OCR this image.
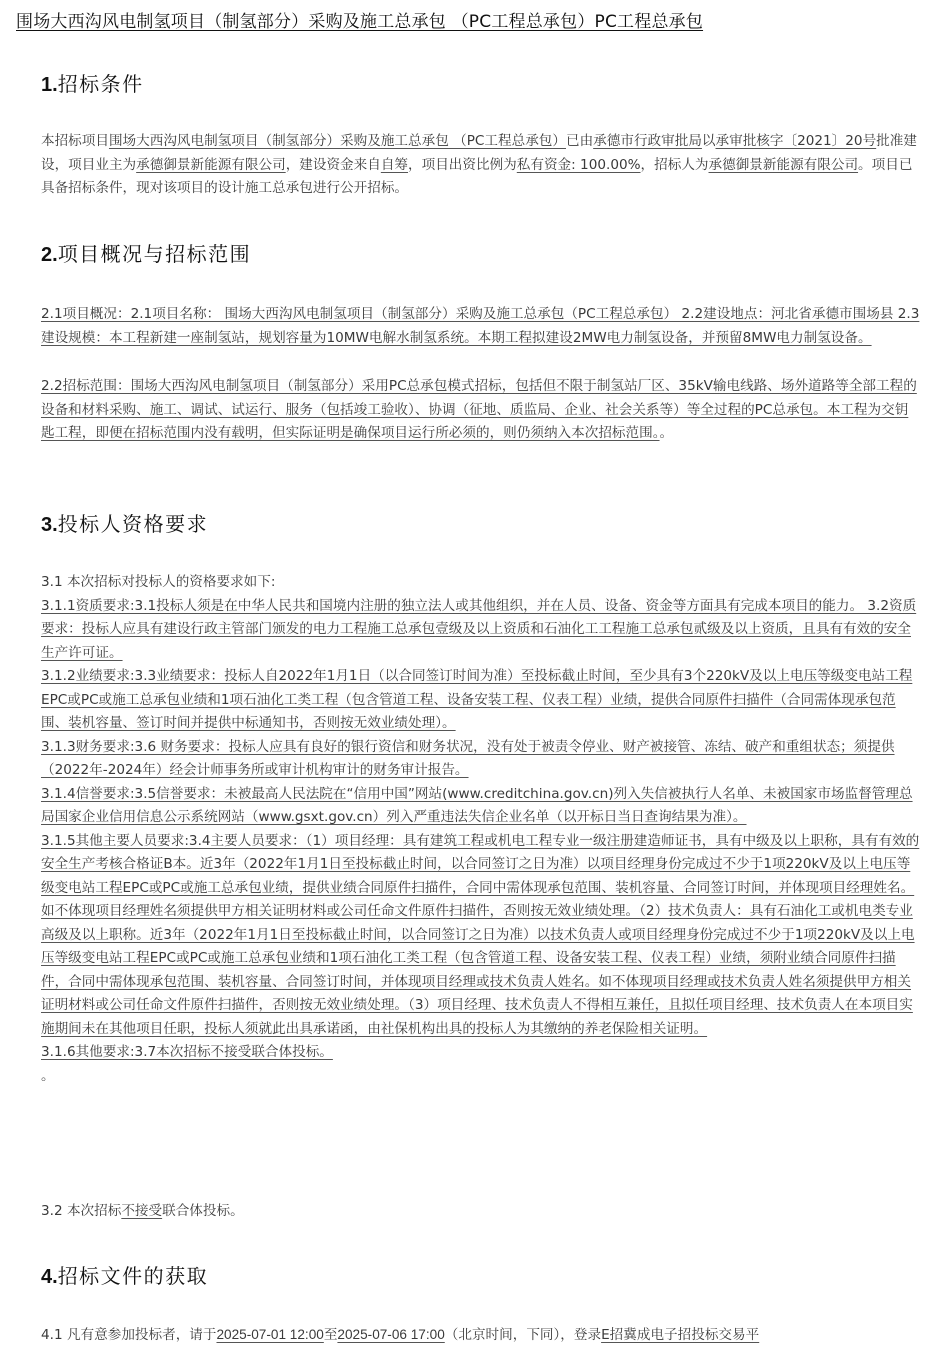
围场大西沟风电制氢项目（制氢部分）采购及施工总承包 （PC工程总承包）PC工程总承包
1.招标条件
本招标项目围场大西沟风电制氢项目（制氢部分）采购及施工总承包 （PC工程总承包）已由承德市行政审批局以承审批核字〔2021〕20号批准建设，项目业主为承德御景新能源有限公司，建设资金来自自筹，项目出资比例为私有资金: 100.00%，招标人为承德御景新能源有限公司。项目已具备招标条件，现对该项目的设计施工总承包进行公开招标。
2.项目概况与招标范围
2.1项目概况：2.1项目名称： 围场大西沟风电制氢项目（制氢部分）采购及施工总承包（PC工程总承包） 2.2建设地点：河北省承德市围场县 2.3建设规模：本工程新建一座制氢站，规划容量为10MW电解水制氢系统。本期工程拟建设2MW电力制氢设备，并预留8MW电力制氢设备。
2.2招标范围：围场大西沟风电制氢项目（制氢部分）采用PC总承包模式招标，包括但不限于制氢站厂区、35kV输电线路、场外道路等全部工程的设备和材料采购、施工、调试、试运行、服务（包括竣工验收）、协调（征地、质监局、企业、社会关系等）等全过程的PC总承包。本工程为交钥匙工程，即便在招标范围内没有载明，但实际证明是确保项目运行所必须的，则仍须纳入本次招标范围。。
3.投标人资格要求
3.1 本次招标对投标人的资格要求如下:
3.1.1资质要求:3.1投标人须是在中华人民共和国境内注册的独立法人或其他组织，并在人员、设备、资金等方面具有完成本项目的能力。 3.2资质要求：投标人应具有建设行政主管部门颁发的电力工程施工总承包壹级及以上资质和石油化工工程施工总承包贰级及以上资质，且具有有效的安全生产许可证。
3.1.2业绩要求:3.3业绩要求：投标人自2022年1月1日（以合同签订时间为准）至投标截止时间，至少具有3个220kV及以上电压等级变电站工程EPC或PC或施工总承包业绩和1项石油化工类工程（包含管道工程、设备安装工程、仪表工程）业绩，提供合同原件扫描件（合同需体现承包范围、装机容量、签订时间并提供中标通知书，否则按无效业绩处理）。
3.1.3财务要求:3.6 财务要求：投标人应具有良好的银行资信和财务状况，没有处于被责令停业、财产被接管、冻结、破产和重组状态；须提供（2022年-2024年）经会计师事务所或审计机构审计的财务审计报告。
3.1.4信誉要求:3.5信誉要求：未被最高人民法院在“信用中国”网站(www.creditchina.gov.cn)列入失信被执行人名单、未被国家市场监督管理总局国家企业信用信息公示系统网站（www.gsxt.gov.cn）列入严重违法失信企业名单（以开标日当日查询结果为准）。
3.1.5其他主要人员要求:3.4主要人员要求：（1）项目经理：具有建筑工程或机电工程专业一级注册建造师证书，具有中级及以上职称，具有有效的安全生产考核合格证B本。近3年（2022年1月1日至投标截止时间，以合同签订之日为准）以项目经理身份完成过不少于1项220kV及以上电压等级变电站工程EPC或PC或施工总承包业绩，提供业绩合同原件扫描件，合同中需体现承包范围、装机容量、合同签订时间，并体现项目经理姓名。如不体现项目经理姓名须提供甲方相关证明材料或公司任命文件原件扫描件，否则按无效业绩处理。（2）技术负责人：具有石油化工或机电类专业高级及以上职称。近3年（2022年1月1日至投标截止时间，以合同签订之日为准）以技术负责人或项目经理身份完成过不少于1项220kV及以上电压等级变电站工程EPC或PC或施工总承包业绩和1项石油化工类工程（包含管道工程、设备安装工程、仪表工程）业绩，须附业绩合同原件扫描件，合同中需体现承包范围、装机容量、合同签订时间，并体现项目经理或技术负责人姓名。如不体现项目经理或技术负责人姓名须提供甲方相关证明材料或公司任命文件原件扫描件，否则按无效业绩处理。（3）项目经理、技术负责人不得相互兼任，且拟任项目经理、技术负责人在本项目实施期间未在其他项目任职，投标人须就此出具承诺函，由社保机构出具的投标人为其缴纳的养老保险相关证明。
3.1.6其他要求:3.7本次招标不接受联合体投标。
。
3.2 本次招标不接受联合体投标。
4.招标文件的获取
4.1 凡有意参加投标者，请于2025-07-01 12:00至2025-07-06 17:00（北京时间，下同），登录E招冀成电子招投标交易平
